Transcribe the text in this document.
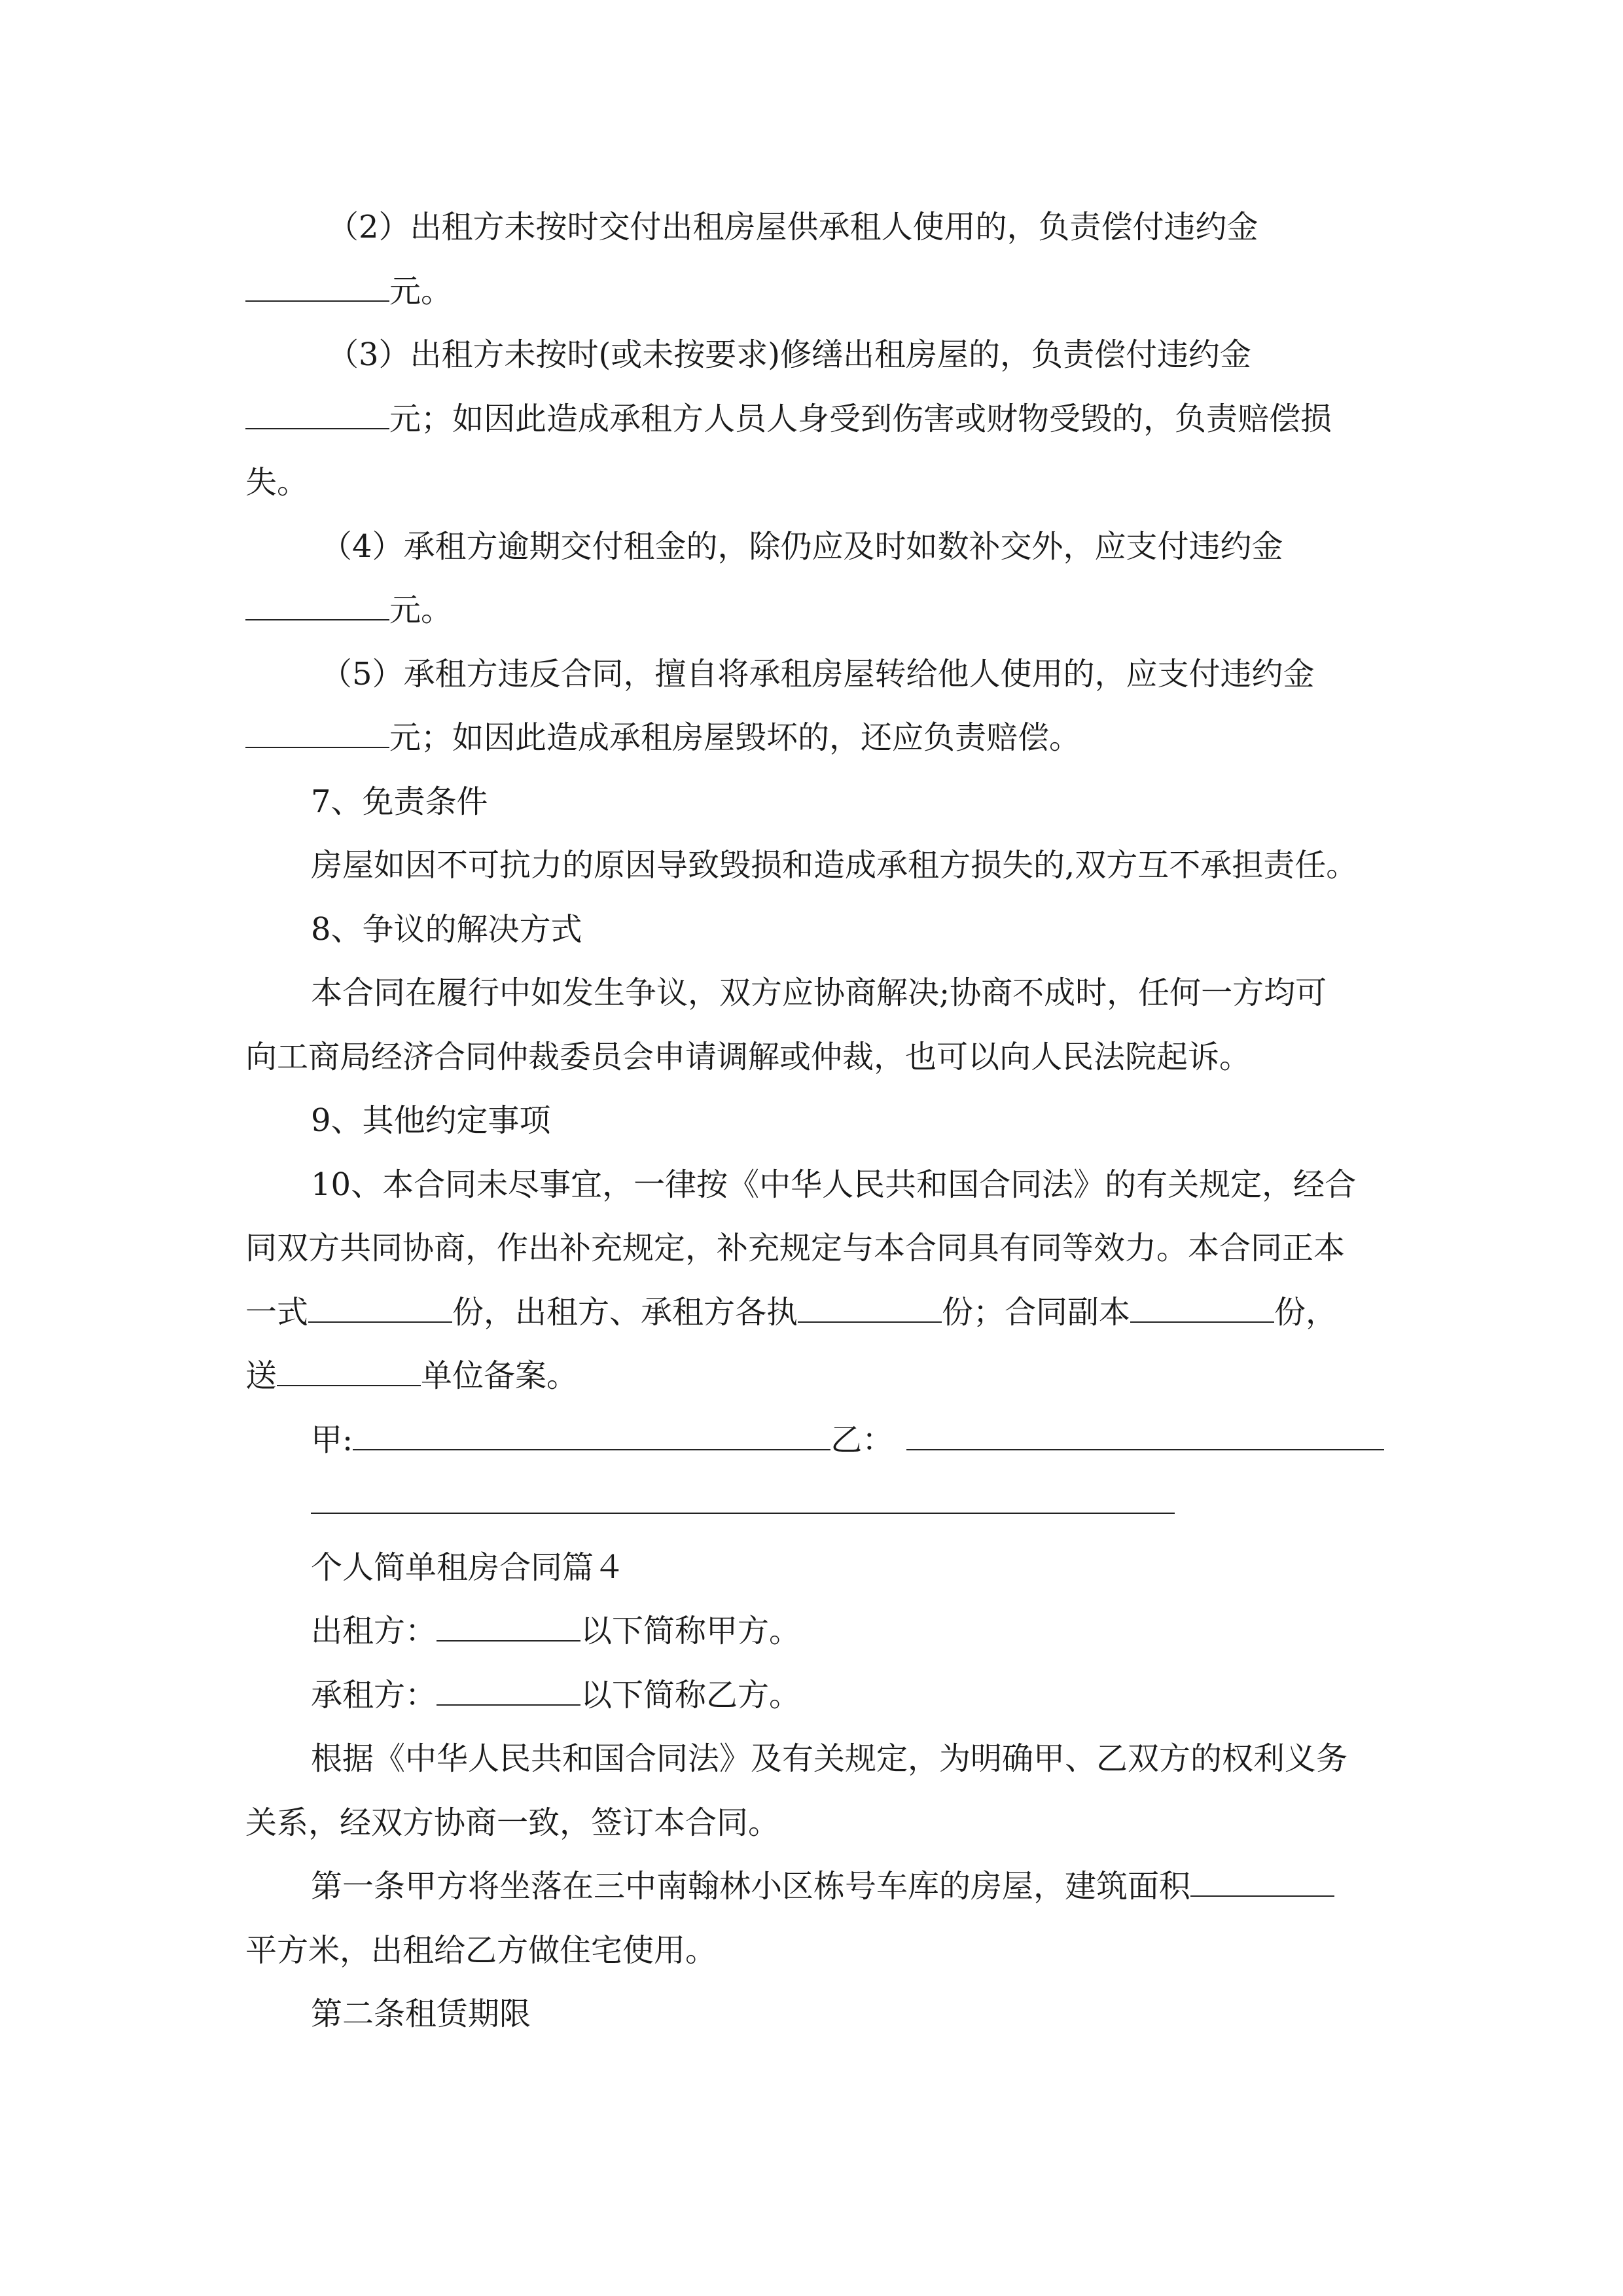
（2）出租方未按时交付出租房屋供承租人使用的，负责偿付违约金

元。

（3）出租方未按时(或未按要求)修缮出租房屋的，负责偿付违约金

元；如因此造成承租方人员人身受到伤害或财物受毁的，负责赔偿损

失。

（4）承租方逾期交付租金的，除仍应及时如数补交外，应支付违约金

元。

（5）承租方违反合同，擅自将承租房屋转给他人使用的，应支付违约金

元；如因此造成承租房屋毁坏的，还应负责赔偿。

7、免责条件

房屋如因不可抗力的原因导致毁损和造成承租方损失的,双方互不承担责任。

8、争议的解决方式

本合同在履行中如发生争议，双方应协商解决;协商不成时，任何一方均可

向工商局经济合同仲裁委员会申请调解或仲裁，也可以向人民法院起诉。

9、其他约定事项

10、本合同未尽事宜，一律按《中华人民共和国合同法》的有关规定，经合

同双方共同协商，作出补充规定，补充规定与本合同具有同等效力。本合同正本

一式	份，出租方、承租方各执	份；合同副本	份，

送	单位备案。

甲:	乙：

个人简单租房合同篇４

出租方：	以下简称甲方。

承租方：	以下简称乙方。

根据《中华人民共和国合同法》及有关规定，为明确甲、乙双方的权利义务

关系，经双方协商一致，签订本合同。

第一条甲方将坐落在三中南翰林小区栋号车库的房屋，建筑面积

平方米，出租给乙方做住宅使用。

第二条租赁期限
